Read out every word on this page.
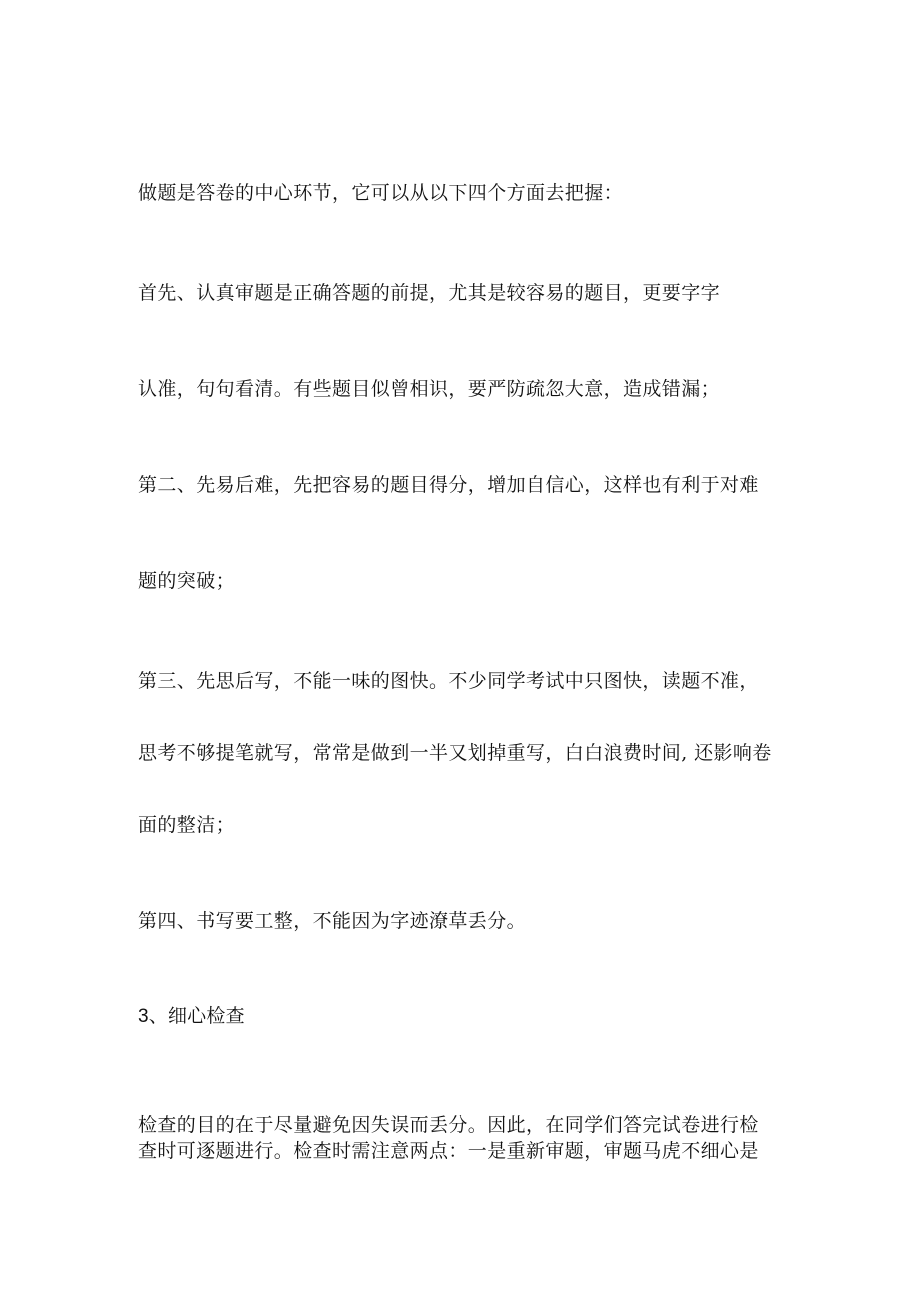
做题是答卷的中心环节，它可以从以下四个方面去把握：
首先、认真审题是正确答题的前提，尤其是较容易的题目，更要字字
认准，句句看清。有些题目似曾相识，要严防疏忽大意，造成错漏；
第二、先易后难，先把容易的题目得分，增加自信心，这样也有利于对难
题的突破；
第三、先思后写，不能一味的图快。不少同学考试中只图快，读题不准，
思考不够提笔就写，常常是做到一半又划掉重写，白白浪费时间, 还影响卷
面的整洁；
第四、书写要工整，不能因为字迹潦草丢分。
3、细心检查
检查的目的在于尽量避免因失误而丢分。因此，在同学们答完试卷进行检
查时可逐题进行。检查时需注意两点：一是重新审题，审题马虎不细心是
